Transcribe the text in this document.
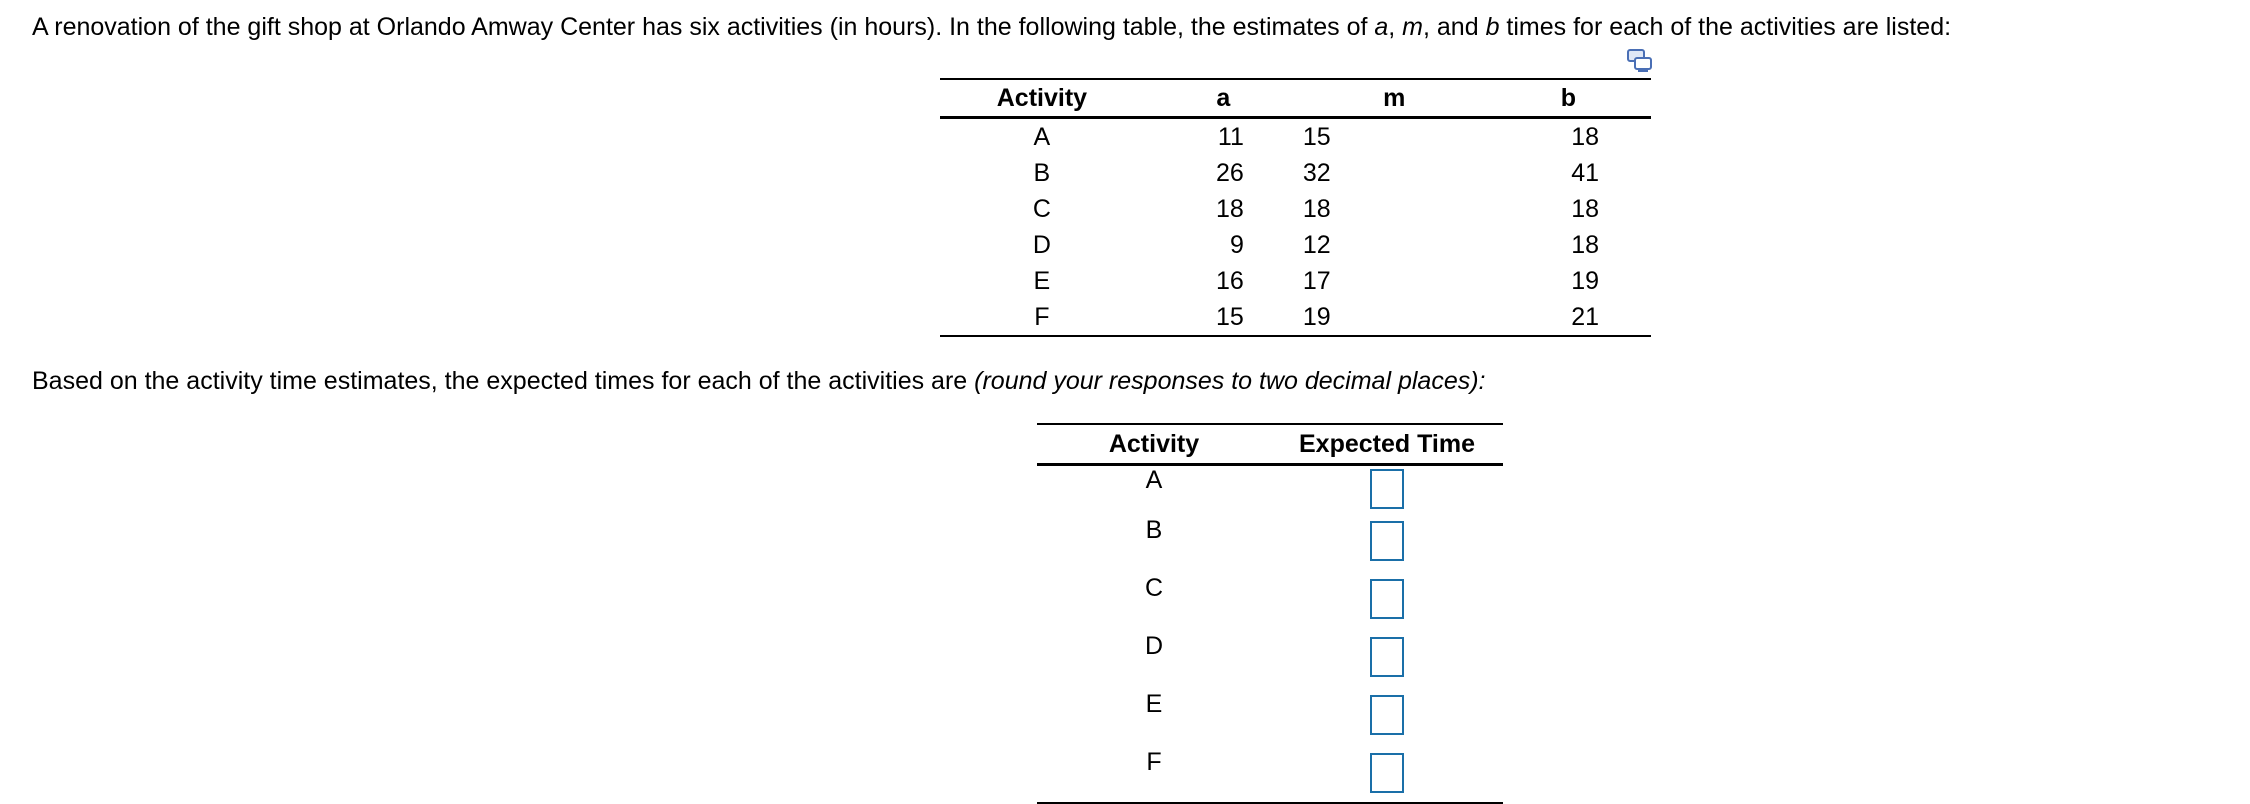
A renovation of the gift shop at Orlando Amway Center has six activities (in hours). In the following table, the estimates of a, m, and b times for each of the activities are listed:
Activity	a	m	b
A	11	15	18
B	26	32	41
C	18	18	18
D	9	12	18
E	16	17	19
F	15	19	21
Based on the activity time estimates, the expected times for each of the activities are (round your responses to two decimal places):
Activity	Expected Time
A	
B	
C	
D	
E	
F	
